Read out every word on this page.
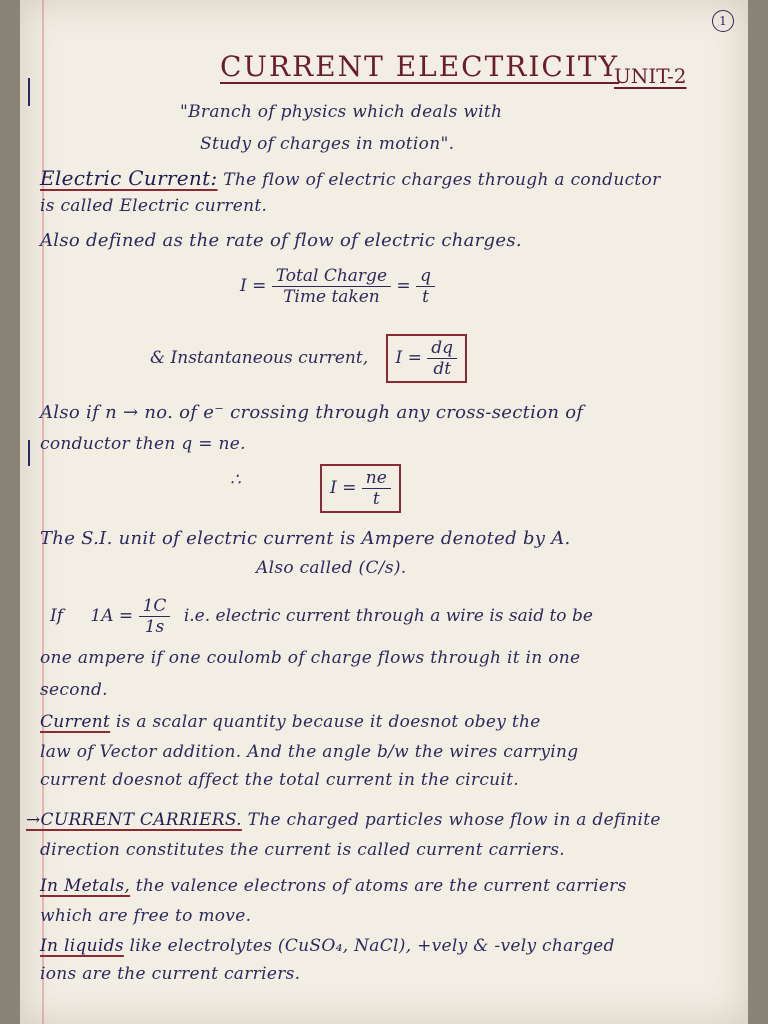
1
CURRENT ELECTRICITY
UNIT-2
"Branch of physics which deals with
Study of charges in motion".
Electric Current: The flow of electric charges through a conductor
is called Electric current.
Also defined as the rate of flow of electric charges.
$I = \frac{\text{Total Charge}}{\text{Time taken}} = \frac{q}{t}$
& Instantaneous current, $I = \frac{dq}{dt}$
Also if n → no. of e⁻ crossing through any cross-section of
conductor then q = ne.
∴	$I = \frac{ne}{t}$
The S.I. unit of electric current is Ampere denoted by A.
Also called (C/s).
If $1A = \frac{1C}{1s} i.e$. electric current through a wire is said to be
one ampere if one coulomb of charge flows through it in one
second.
Current is a scalar quantity because it doesnot obey the
law of Vector addition. And the angle b/w the wires carrying
current doesnot affect the total current in the circuit.
→CURRENT CARRIERS. The charged particles whose flow in a definite
direction constitutes the current is called current carriers.
In Metals, the valence electrons of atoms are the current carriers
which are free to move.
In liquids like electrolytes (CuSO₄, NaCl), +vely & -vely charged
ions are the current carriers.
